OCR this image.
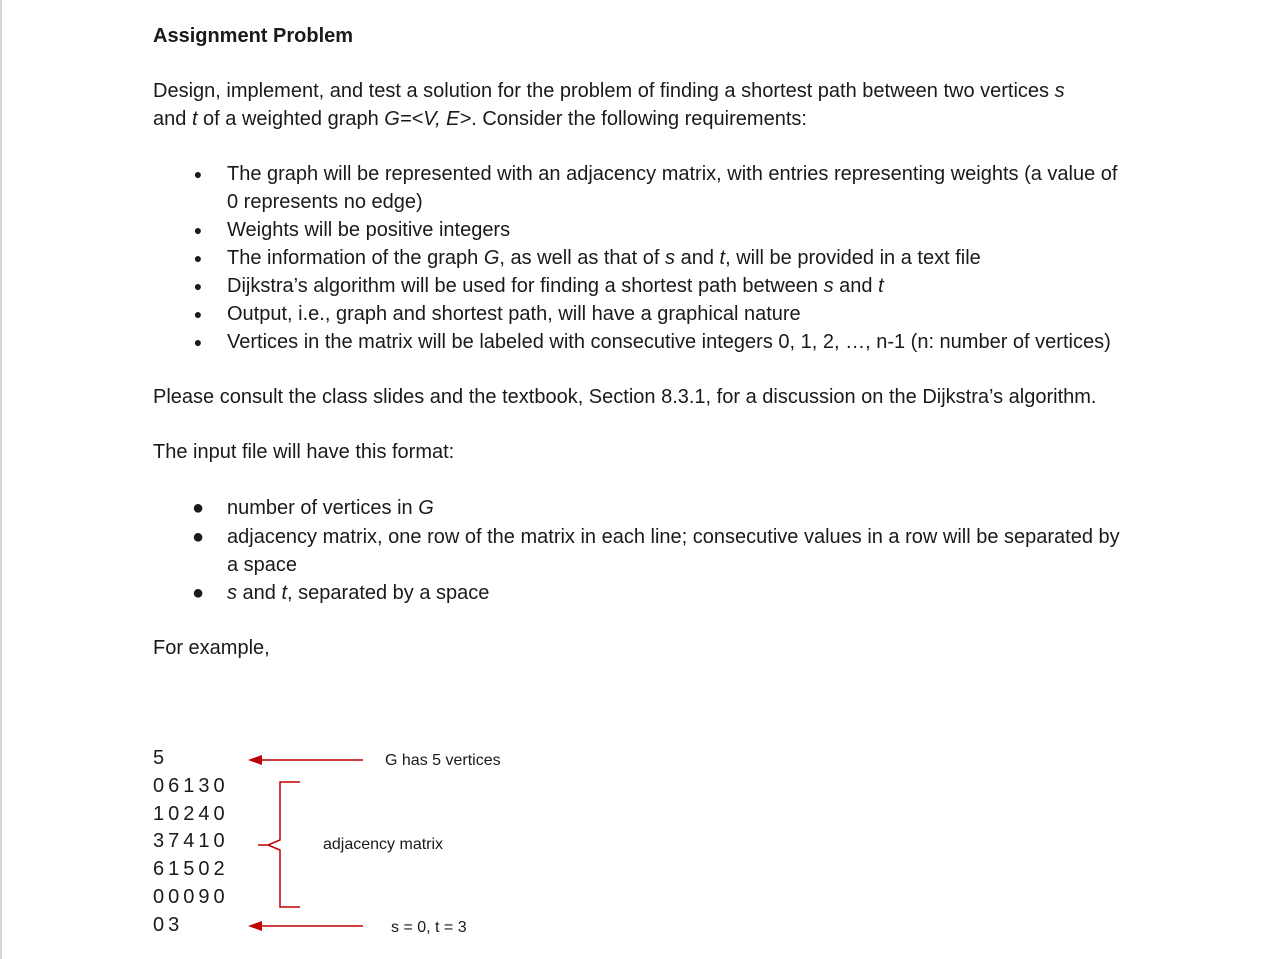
Assignment Problem

Design, implement, and test a solution for the problem of finding a shortest path between two vertices s
and t of a weighted graph G=<V, E>. Consider the following requirements:

● The graph will be represented with an adjacency matrix, with entries representing weights (a value of 0 represents no edge)
● Weights will be positive integers
● The information of the graph G, as well as that of s and t, will be provided in a text file
● Dijkstra’s algorithm will be used for finding a shortest path between s and t
● Output, i.e., graph and shortest path, will have a graphical nature
● Vertices in the matrix will be labeled with consecutive integers 0, 1, 2, …, n-1 (n: number of vertices)

Please consult the class slides and the textbook, Section 8.3.1, for a discussion on the Dijkstra’s algorithm.

The input file will have this format:

● number of vertices in G
● adjacency matrix, one row of the matrix in each line; consecutive values in a row will be separated by a space
● s and t, separated by a space

For example,

5
06130
10240
37410
61502
00090
03
G has 5 vertices
adjacency matrix
s = 0, t = 3
